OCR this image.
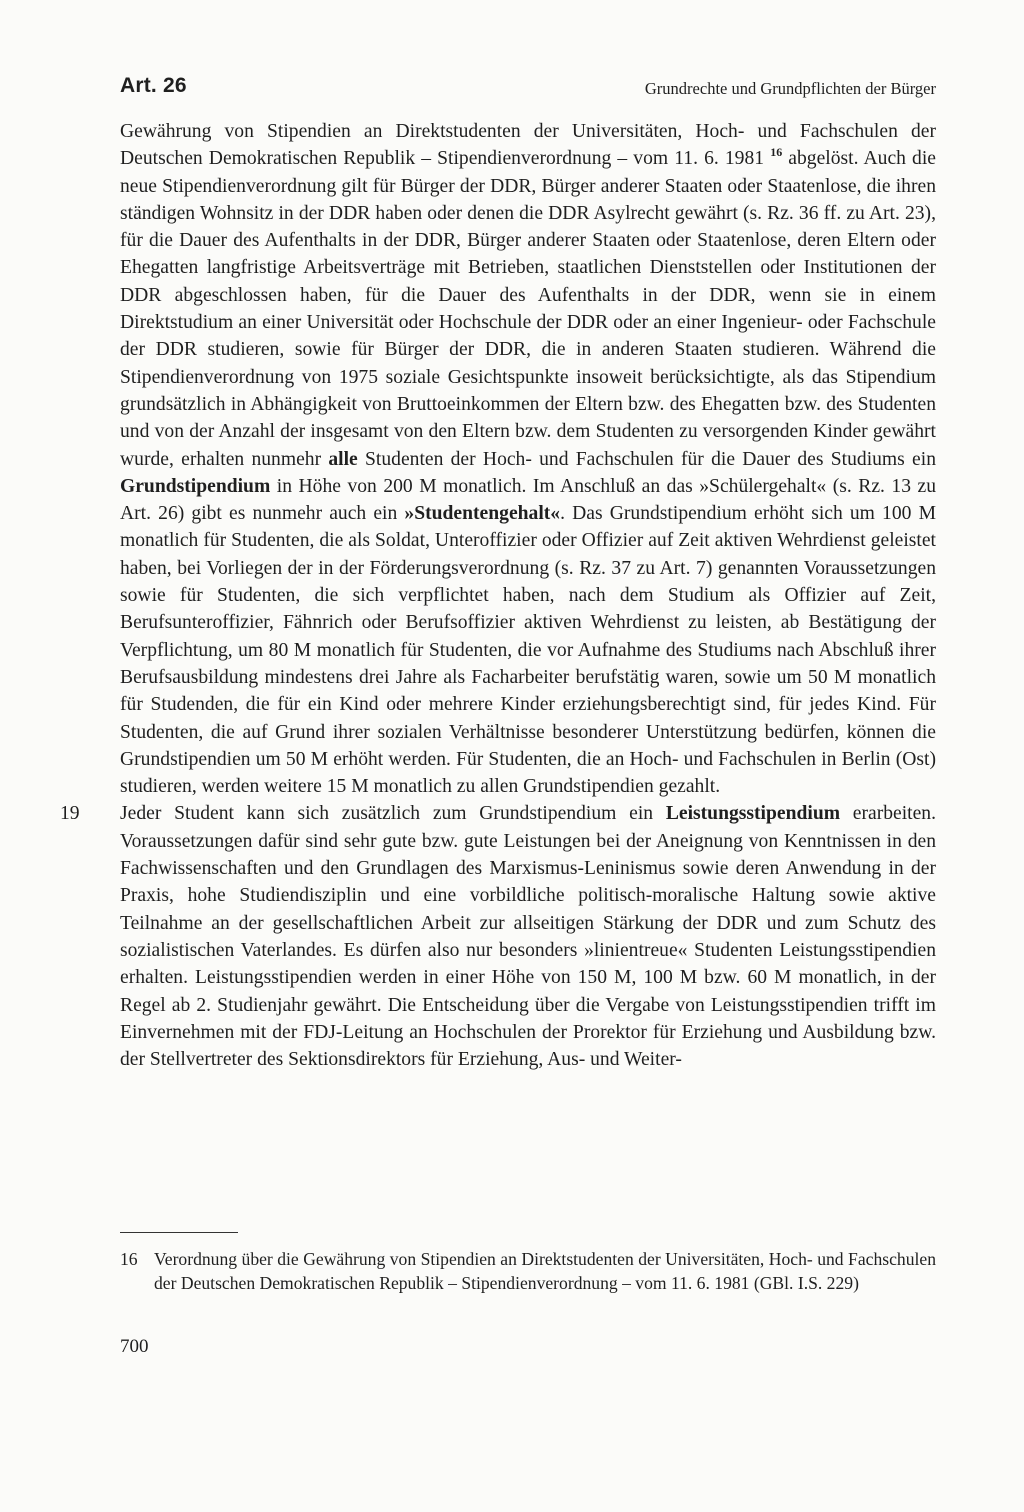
Art. 26	Grundrechte und Grundpflichten der Bürger

Gewährung von Stipendien an Direktstudenten der Universitäten, Hoch- und Fachschulen der Deutschen Demokratischen Republik – Stipendienverordnung – vom 11. 6. 1981 $^{16}$ abgelöst. Auch die neue Stipendienverordnung gilt für Bürger der DDR, Bürger anderer Staaten oder Staatenlose, die ihren ständigen Wohnsitz in der DDR haben oder denen die DDR Asylrecht gewährt (s. Rz. 36 ff. zu Art. 23), für die Dauer des Aufenthalts in der DDR, Bürger anderer Staaten oder Staatenlose, deren Eltern oder Ehegatten langfristige Arbeitsverträge mit Betrieben, staatlichen Dienststellen oder Institutionen der DDR abgeschlossen haben, für die Dauer des Aufenthalts in der DDR, wenn sie in einem Direktstudium an einer Universität oder Hochschule der DDR oder an einer Ingenieur- oder Fachschule der DDR studieren, sowie für Bürger der DDR, die in anderen Staaten studieren. Während die Stipendienverordnung von 1975 soziale Gesichtspunkte insoweit berücksichtigte, als das Stipendium grundsätzlich in Abhängigkeit von Bruttoeinkommen der Eltern bzw. des Ehegatten bzw. des Studenten und von der Anzahl der insgesamt von den Eltern bzw. dem Studenten zu versorgenden Kinder gewährt wurde, erhalten nunmehr alle Studenten der Hoch- und Fachschulen für die Dauer des Studiums ein Grundstipendium in Höhe von 200 M monatlich. Im Anschluß an das »Schülergehalt« (s. Rz. 13 zu Art. 26) gibt es nunmehr auch ein »Studentengehalt«. Das Grundstipendium erhöht sich um 100 M monatlich für Studenten, die als Soldat, Unteroffizier oder Offizier auf Zeit aktiven Wehrdienst geleistet haben, bei Vorliegen der in der Förderungsverordnung (s. Rz. 37 zu Art. 7) genannten Voraussetzungen sowie für Studenten, die sich verpflichtet haben, nach dem Studium als Offizier auf Zeit, Berufsunteroffizier, Fähnrich oder Berufsoffizier aktiven Wehrdienst zu leisten, ab Bestätigung der Verpflichtung, um 80 M monatlich für Studenten, die vor Aufnahme des Studiums nach Abschluß ihrer Berufsausbildung mindestens drei Jahre als Facharbeiter berufstätig waren, sowie um 50 M monatlich für Studenden, die für ein Kind oder mehrere Kinder erziehungsberechtigt sind, für jedes Kind. Für Studenten, die auf Grund ihrer sozialen Verhältnisse besonderer Unterstützung bedürfen, können die Grundstipendien um 50 M erhöht werden. Für Studenten, die an Hoch- und Fachschulen in Berlin (Ost) studieren, werden weitere 15 M monatlich zu allen Grundstipendien gezahlt.

19 Jeder Student kann sich zusätzlich zum Grundstipendium ein Leistungsstipendium erarbeiten. Voraussetzungen dafür sind sehr gute bzw. gute Leistungen bei der Aneignung von Kenntnissen in den Fachwissenschaften und den Grundlagen des Marxismus-Leninismus sowie deren Anwendung in der Praxis, hohe Studiendisziplin und eine vorbildliche politisch-moralische Haltung sowie aktive Teilnahme an der gesellschaftlichen Arbeit zur allseitigen Stärkung der DDR und zum Schutz des sozialistischen Vaterlandes. Es dürfen also nur besonders »linientreue« Studenten Leistungsstipendien erhalten. Leistungsstipendien werden in einer Höhe von 150 M, 100 M bzw. 60 M monatlich, in der Regel ab 2. Studienjahr gewährt. Die Entscheidung über die Vergabe von Leistungsstipendien trifft im Einvernehmen mit der FDJ-Leitung an Hochschulen der Prorektor für Erziehung und Ausbildung bzw. der Stellvertreter des Sektionsdirektors für Erziehung, Aus- und Weiter-

16 Verordnung über die Gewährung von Stipendien an Direktstudenten der Universitäten, Hoch- und Fachschulen der Deutschen Demokratischen Republik – Stipendienverordnung – vom 11. 6. 1981 (GBl. I.S. 229)
700
